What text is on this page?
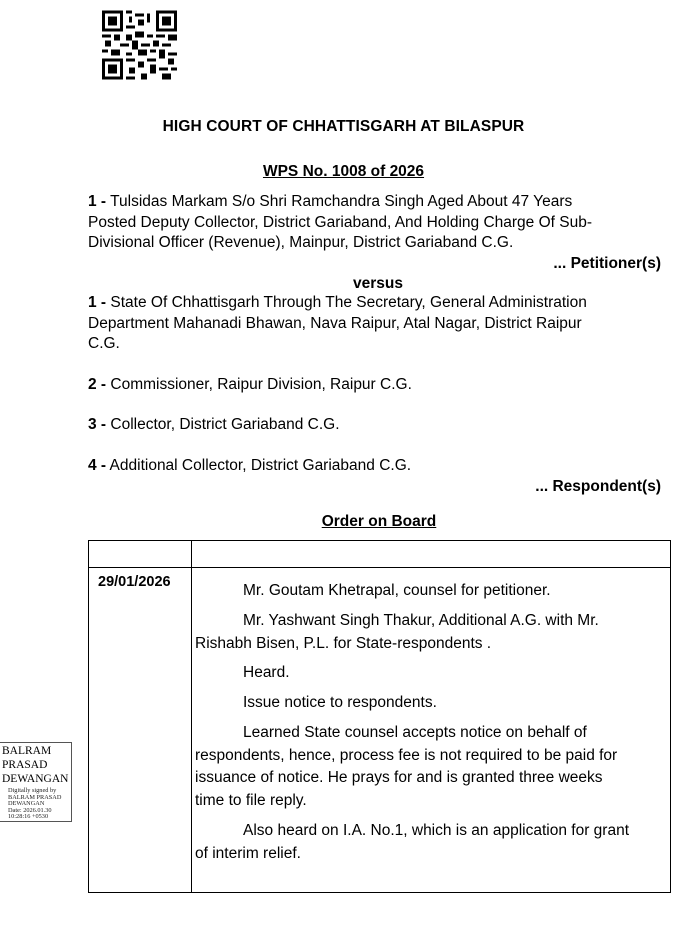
HIGH COURT OF CHHATTISGARH AT BILASPUR
WPS No. 1008 of 2026
1 - Tulsidas Markam S/o Shri Ramchandra Singh Aged About 47 Years
Posted Deputy Collector, District Gariaband, And Holding Charge Of Sub-
Divisional Officer (Revenue), Mainpur, District Gariaband C.G.
... Petitioner(s)
versus
1 - State Of Chhattisgarh Through The Secretary, General Administration
Department Mahanadi Bhawan, Nava Raipur, Atal Nagar, District Raipur
C.G.
2 - Commissioner, Raipur Division, Raipur C.G.
3 - Collector, District Gariaband C.G.
4 - Additional Collector, District Gariaband C.G.
... Respondent(s)
Order on Board
29/01/2026	Mr. Goutam Khetrapal, counsel for petitioner.
Mr. Yashwant Singh Thakur, Additional A.G. with Mr.
Rishabh Bisen, P.L. for State-respondents .
Heard.
Issue notice to respondents.
Learned State counsel accepts notice on behalf of
respondents, hence, process fee is not required to be paid for
issuance of notice. He prays for and is granted three weeks
time to file reply.
Also heard on I.A. No.1, which is an application for grant
of interim relief.
BALRAM
PRASAD
DEWANGAN
Digitally signed by
BALRAM PRASAD
DEWANGAN
Date: 2026.01.30
10:28:16 +0530
